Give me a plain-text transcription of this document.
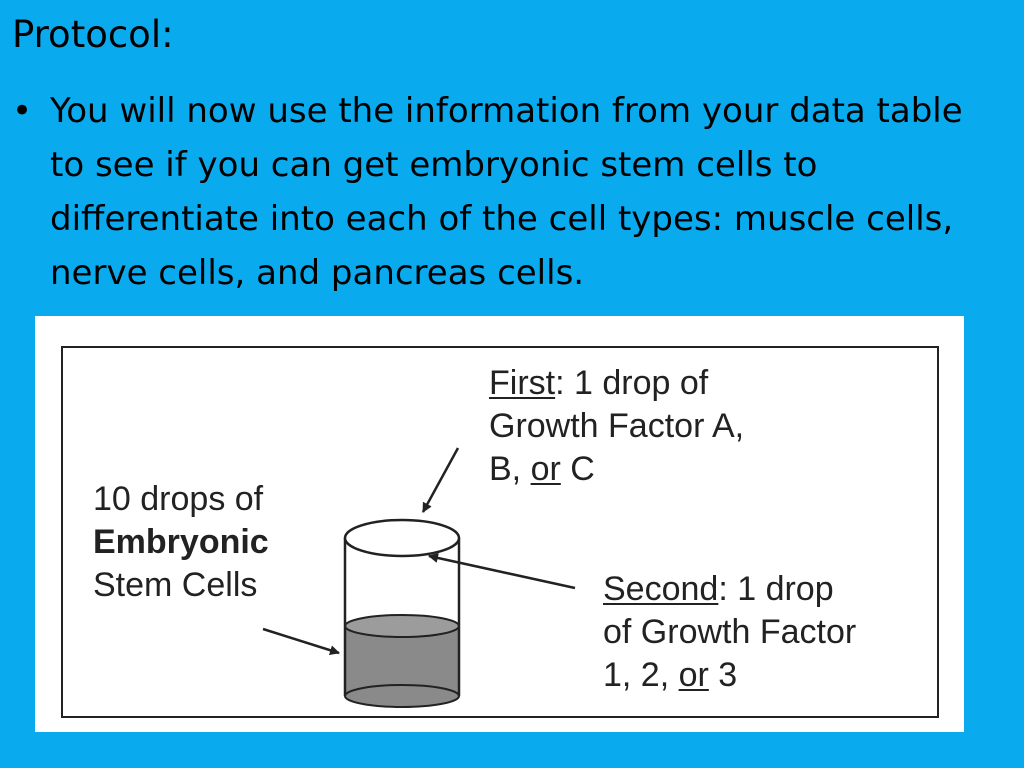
Protocol:
• You will now use the information from your data table to see if you can get embryonic stem cells to differentiate into each of the cell types: muscle cells, nerve cells, and pancreas cells.
10 drops of
Embryonic
Stem Cells
First: 1 drop of
Growth Factor A,
B, or C
Second: 1 drop
of Growth Factor
1, 2, or 3
